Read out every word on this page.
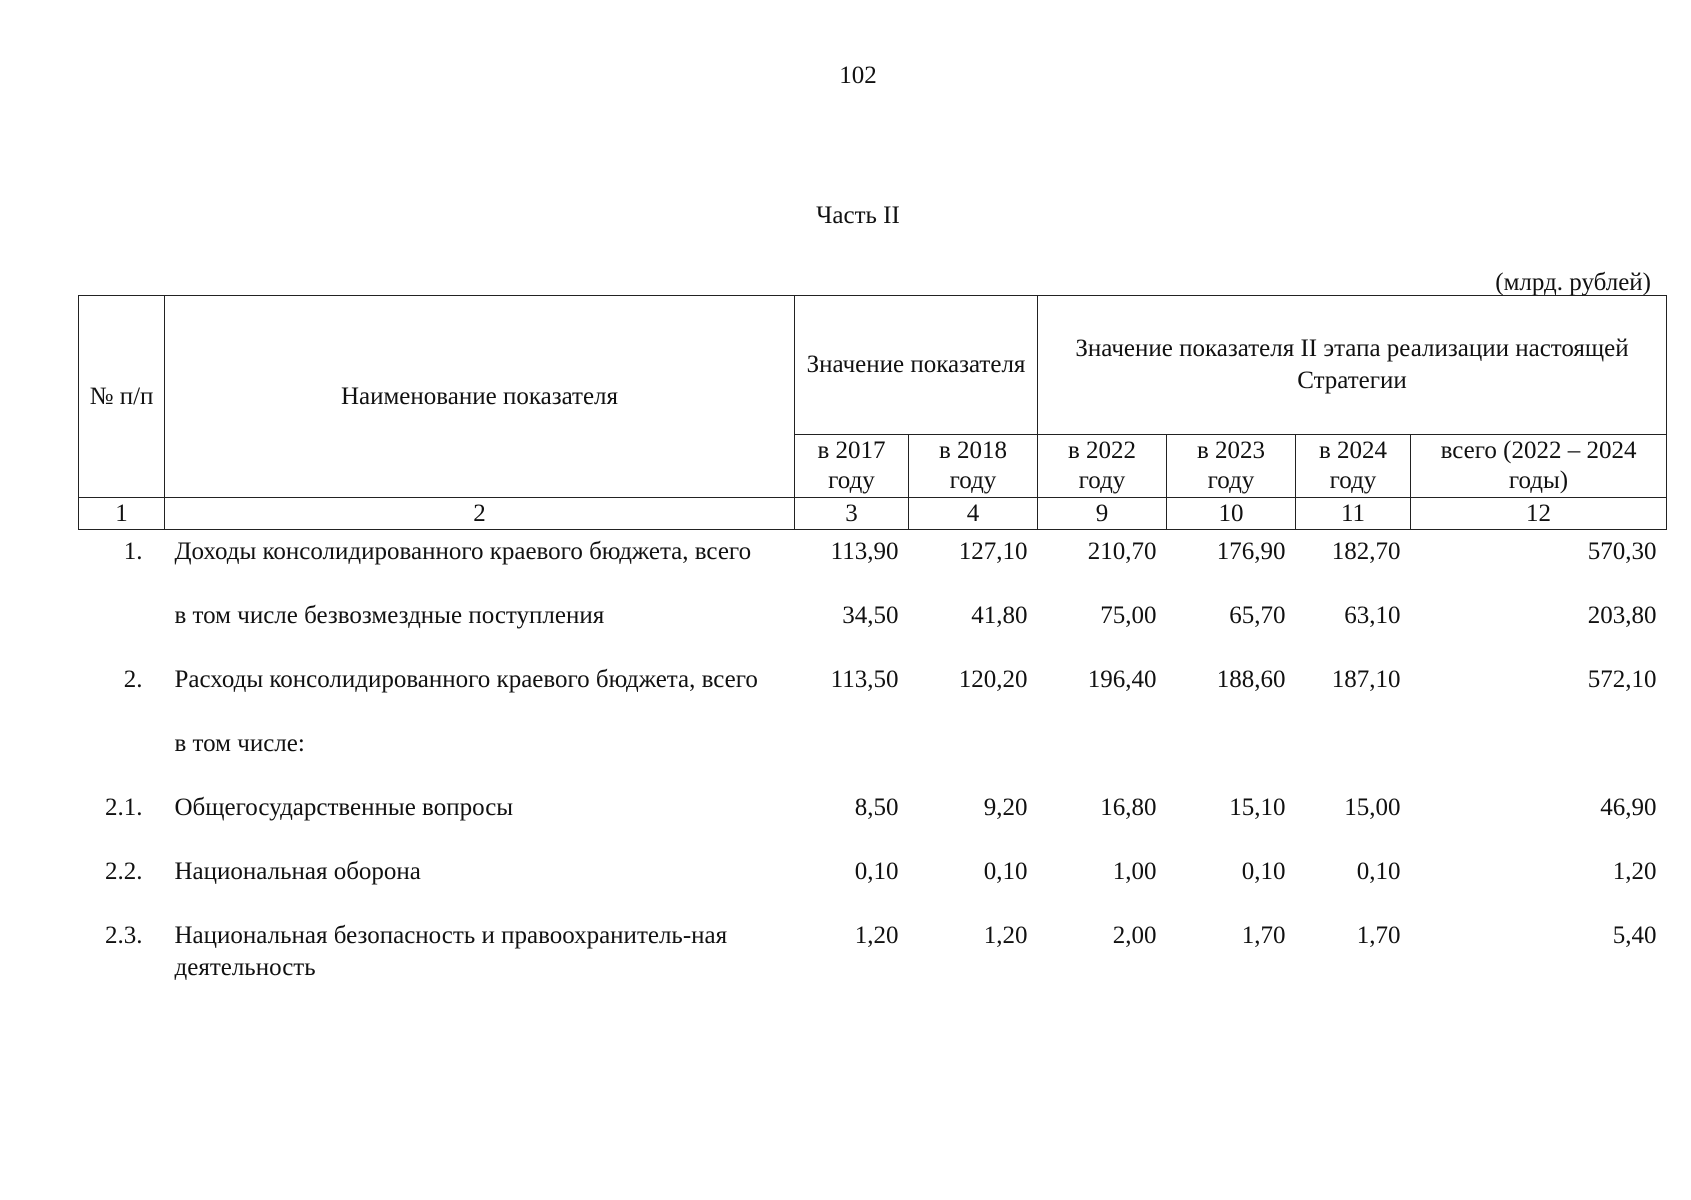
102
Часть II
(млрд. рублей)
№ п/п	Наименование показателя	Значение показателя		Значение показателя II этапа реализации настоящей Стратегии			
		в 2017 году	в 2018 году	в 2022 году	в 2023 году	в 2024 году	всего (2022 – 2024 годы)
1	2	3	4	9	10	11	12
1.	Доходы консолидированного краевого бюджета, всего	113,90	127,10	210,70	176,90	182,70	570,30
	в том числе безвозмездные поступления	34,50	41,80	75,00	65,70	63,10	203,80
2.	Расходы консолидированного краевого бюджета, всего	113,50	120,20	196,40	188,60	187,10	572,10
	в том числе:						
2.1.	Общегосударственные вопросы	8,50	9,20	16,80	15,10	15,00	46,90
2.2.	Национальная оборона	0,10	0,10	1,00	0,10	0,10	1,20
2.3.	Национальная безопасность и правоохранитель-ная деятельность	1,20	1,20	2,00	1,70	1,70	5,40
